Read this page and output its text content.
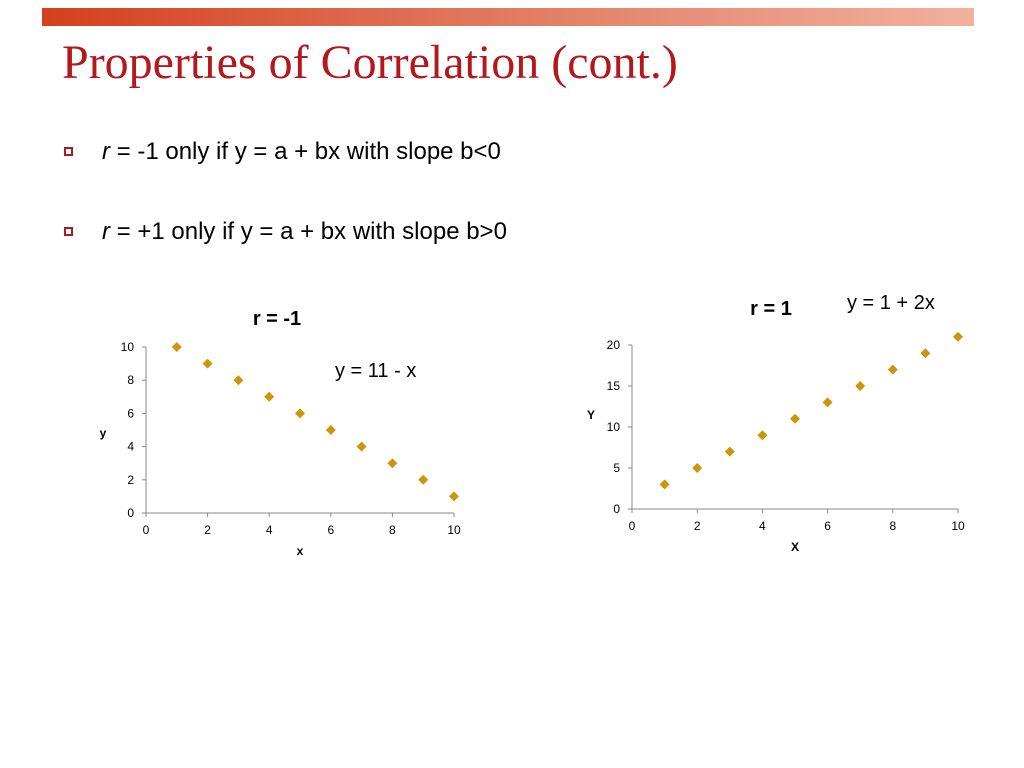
Properties of Correlation (cont.)
r = -1 only if y = a + bx with slope b<0
r = +1 only if y = a + bx with slope b>0
0
2
4
6
8
10
0	2	4	6	8	10
r = -1
x
y
0
5
10
15
20
0	2	4	6	8	10
r = 1
X
Y
y = 11 - x
y = 1 + 2x
